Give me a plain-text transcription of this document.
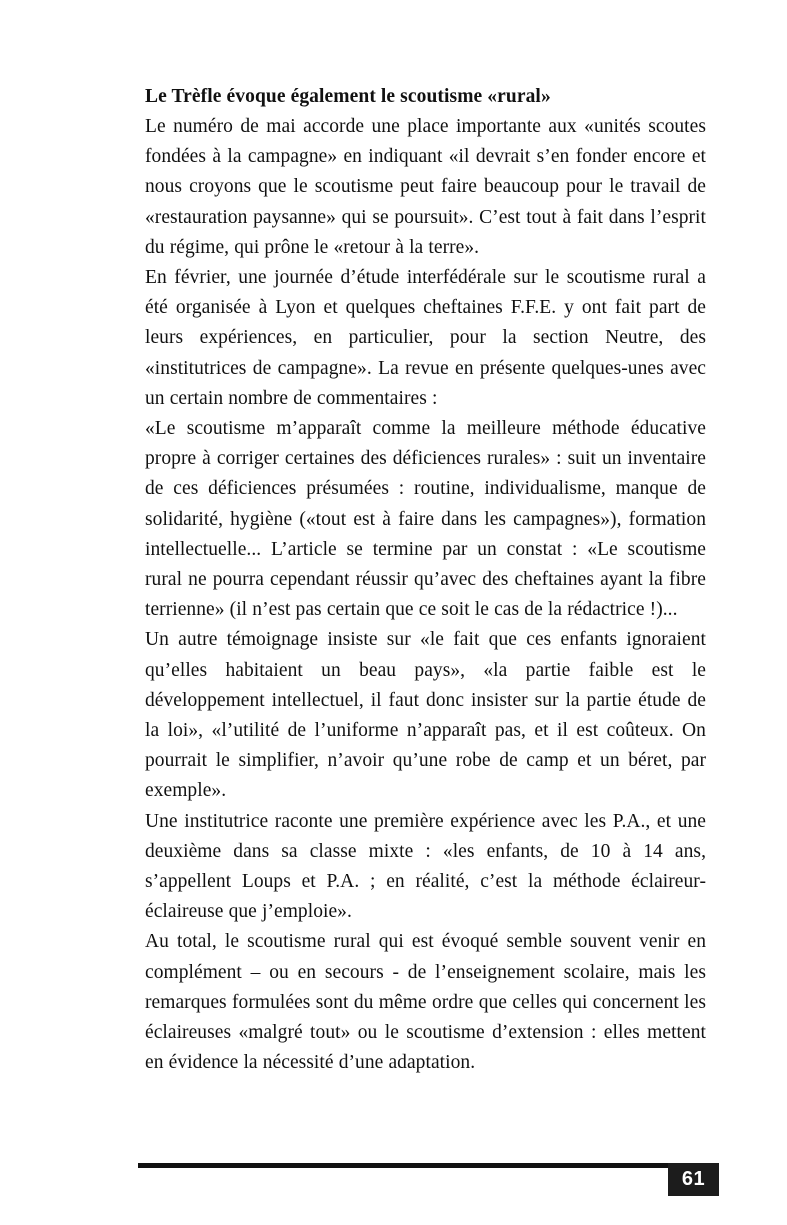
Le Trèfle évoque également le scoutisme «rural»

Le numéro de mai accorde une place importante aux «unités scoutes fondées à la campagne» en indiquant «il devrait s’en fonder encore et nous croyons que le scoutisme peut faire beaucoup pour le travail de «restauration paysanne» qui se poursuit». C’est tout à fait dans l’esprit du régime, qui prône le «retour à la terre».

En février, une journée d’étude interfédérale sur le scoutisme rural a été organisée à Lyon et quelques cheftaines F.F.E. y ont fait part de leurs expériences, en particulier, pour la section Neutre, des «institutrices de campagne». La revue en présente quelques-unes avec un certain nombre de commentaires :

«Le scoutisme m’apparaît comme la meilleure méthode éducative propre à corriger certaines des déficiences rurales» : suit un inventaire de ces déficiences présumées : routine, individualisme, manque de solidarité, hygiène («tout est à faire dans les campagnes»), formation intellectuelle... L’article se termine par un constat : «Le scoutisme rural ne pourra cependant réussir qu’avec des cheftaines ayant la fibre terrienne» (il n’est pas certain que ce soit le cas de la rédactrice !)...

Un autre témoignage insiste sur «le fait que ces enfants ignoraient qu’elles habitaient un beau pays», «la partie faible est le développement intellectuel, il faut donc insister sur la partie étude de la loi», «l’utilité de l’uniforme n’apparaît pas, et il est coûteux. On pourrait le simplifier, n’avoir qu’une robe de camp et un béret, par exemple».

Une institutrice raconte une première expérience avec les P.A., et une deuxième dans sa classe mixte : «les enfants, de 10 à 14 ans, s’appellent Loups et P.A. ; en réalité, c’est la méthode éclaireur-éclaireuse que j’emploie».

Au total, le scoutisme rural qui est évoqué semble souvent venir en complément – ou en secours - de l’enseignement scolaire, mais les remarques formulées sont du même ordre que celles qui concernent les éclaireuses «malgré tout» ou le scoutisme d’extension : elles mettent en évidence la nécessité d’une adaptation.

61
